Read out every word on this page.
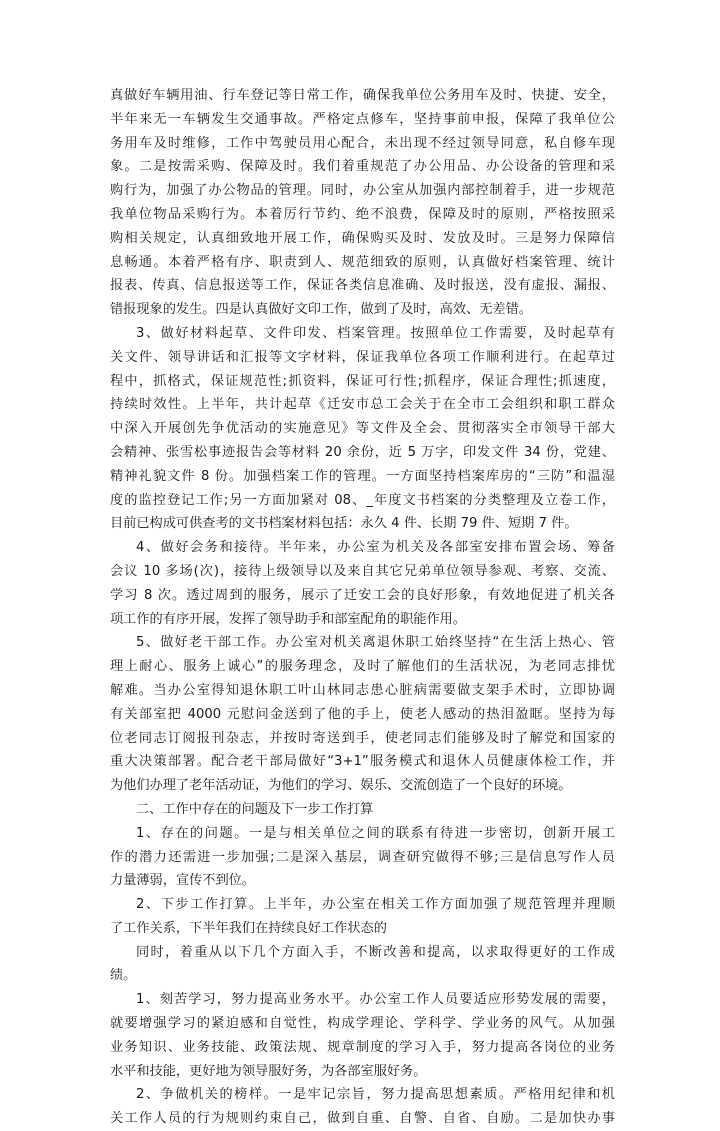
真做好车辆用油、行车登记等日常工作，确保我单位公务用车及时、快捷、安全，
半年来无一车辆发生交通事故。严格定点修车，坚持事前申报，保障了我单位公
务用车及时维修，工作中驾驶员用心配合，未出现不经过领导同意，私自修车现
象。二是按需采购、保障及时。我们着重规范了办公用品、办公设备的管理和采
购行为，加强了办公物品的管理。同时，办公室从加强内部控制着手，进一步规范
我单位物品采购行为。本着厉行节约、绝不浪费，保障及时的原则，严格按照采
购相关规定，认真细致地开展工作，确保购买及时、发放及时。三是努力保障信
息畅通。本着严格有序、职责到人、规范细致的原则，认真做好档案管理、统计
报表、传真、信息报送等工作，保证各类信息准确、及时报送，没有虚报、漏报、
错报现象的发生。四是认真做好文印工作，做到了及时，高效、无差错。
3、做好材料起草、文件印发、档案管理。按照单位工作需要，及时起草有
关文件、领导讲话和汇报等文字材料，保证我单位各项工作顺利进行。在起草过
程中，抓格式，保证规范性;抓资料，保证可行性;抓程序，保证合理性;抓速度，
持续时效性。上半年，共计起草《迁安市总工会关于在全市工会组织和职工群众
中深入开展创先争优活动的实施意见》等文件及全会、贯彻落实全市领导干部大
会精神、张雪松事迹报告会等材料 20 余份，近 5 万字，印发文件 34 份，党建、
精神礼貌文件 8 份。加强档案工作的管理。一方面坚持档案库房的“三防”和温湿
度的监控登记工作;另一方面加紧对 08、_年度文书档案的分类整理及立卷工作，
目前已构成可供查考的文书档案材料包括：永久 4 件、长期 79 件、短期 7 件。
4、做好会务和接待。半年来，办公室为机关及各部室安排布置会场、筹备
会议 10 多场(次)，接待上级领导以及来自其它兄弟单位领导参观、考察、交流、
学习 8 次。透过周到的服务，展示了迁安工会的良好形象，有效地促进了机关各
项工作的有序开展，发挥了领导助手和部室配角的职能作用。
5、做好老干部工作。办公室对机关离退休职工始终坚持“在生活上热心、管
理上耐心、服务上诚心”的服务理念，及时了解他们的生活状况，为老同志排忧
解难。当办公室得知退休职工叶山林同志患心脏病需要做支架手术时，立即协调
有关部室把 4000 元慰问金送到了他的手上，使老人感动的热泪盈眶。坚持为每
位老同志订阅报刊杂志，并按时寄送到手，使老同志们能够及时了解党和国家的
重大决策部署。配合老干部局做好“3+1”服务模式和退休人员健康体检工作，并
为他们办理了老年活动证，为他们的学习、娱乐、交流创造了一个良好的环境。
二、工作中存在的问题及下一步工作打算
1、存在的问题。一是与相关单位之间的联系有待进一步密切，创新开展工
作的潜力还需进一步加强;二是深入基层，调查研究做得不够;三是信息写作人员
力量薄弱，宣传不到位。
2、下步工作打算。上半年，办公室在相关工作方面加强了规范管理并理顺
了工作关系，下半年我们在持续良好工作状态的
同时，着重从以下几个方面入手，不断改善和提高，以求取得更好的工作成
绩。
1、刻苦学习，努力提高业务水平。办公室工作人员要适应形势发展的需要，
就要增强学习的紧迫感和自觉性，构成学理论、学科学、学业务的风气。从加强
业务知识、业务技能、政策法规、规章制度的学习入手，努力提高各岗位的业务
水平和技能，更好地为领导服好务，为各部室服好务。
2、争做机关的榜样。一是牢记宗旨，努力提高思想素质。严格用纪律和机
关工作人员的行为规则约束自己，做到自重、自警、自省、自励。二是加快办事
